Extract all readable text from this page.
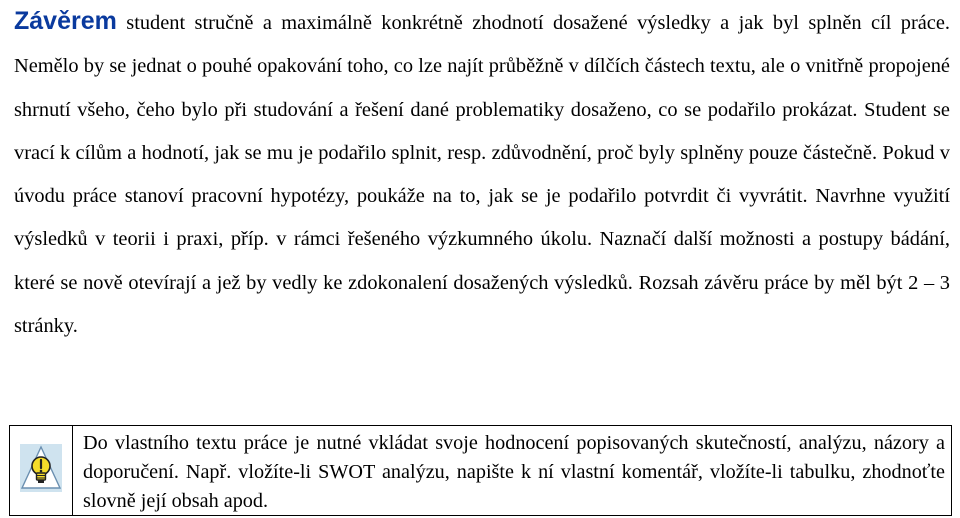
Závěrem student stručně a maximálně konkrétně zhodnotí dosažené výsledky a jak byl splněn cíl práce. Nemělo by se jednat o pouhé opakování toho, co lze najít průběžně v dílčích částech textu, ale o vnitřně propojené shrnutí všeho, čeho bylo při studování a řešení dané problematiky dosaženo, co se podařilo prokázat. Student se vrací k cílům a hodnotí, jak se mu je podařilo splnit, resp. zdůvodnění, proč byly splněny pouze částečně. Pokud v úvodu práce stanoví pracovní hypotézy, poukáže na to, jak se je podařilo potvrdit či vyvrátit. Navrhne využití výsledků v teorii i praxi, příp. v rámci řešeného výzkumného úkolu. Naznačí další možnosti a postupy bádání, které se nově otevírají a jež by vedly ke zdokonalení dosažených výsledků. Rozsah závěru práce by měl být 2 – 3 stránky.

Do vlastního textu práce je nutné vkládat svoje hodnocení popisovaných skutečností, analýzu, názory a doporučení. Např. vložíte-li SWOT analýzu, napište k ní vlastní komentář, vložíte-li tabulku, zhodnoťte slovně její obsah apod.
